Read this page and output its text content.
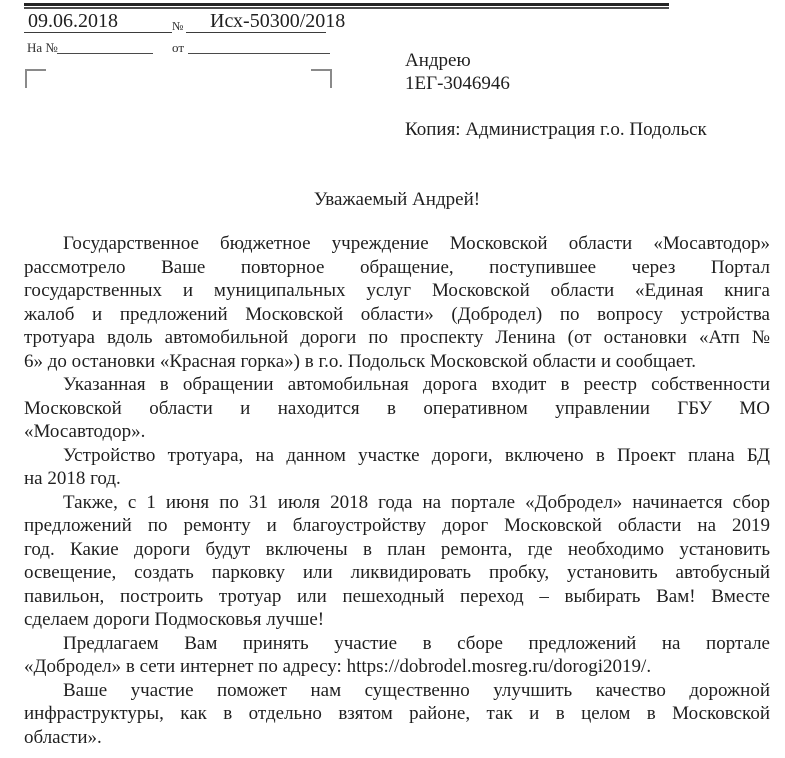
09.06.2018	№	Исх-50300/2018
На №	от
Андрею
1ЕГ-3046946
Копия: Администрация г.о. Подольск
Уважаемый Андрей!
Государственное бюджетное учреждение Московской области «Мосавтодор»
рассмотрело Ваше повторное обращение, поступившее через Портал
государственных и муниципальных услуг Московской области «Единая книга
жалоб и предложений Московской области» (Добродел) по вопросу устройства
тротуара вдоль автомобильной дороги по проспекту Ленина (от остановки «Атп №
6» до остановки «Красная горка») в г.о. Подольск Московской области и сообщает.
Указанная в обращении автомобильная дорога входит в реестр собственности
Московской области и находится в оперативном управлении ГБУ МО
«Мосавтодор».
Устройство тротуара, на данном участке дороги, включено в Проект плана БД
на 2018 год.
Также, с 1 июня по 31 июля 2018 года на портале «Добродел» начинается сбор
предложений по ремонту и благоустройству дорог Московской области на 2019
год. Какие дороги будут включены в план ремонта, где необходимо установить
освещение, создать парковку или ликвидировать пробку, установить автобусный
павильон, построить тротуар или пешеходный переход – выбирать Вам! Вместе
сделаем дороги Подмосковья лучше!
Предлагаем Вам принять участие в сборе предложений на портале
«Добродел» в сети интернет по адресу: https://dobrodel.mosreg.ru/dorogi2019/.
Ваше участие поможет нам существенно улучшить качество дорожной
инфраструктуры, как в отдельно взятом районе, так и в целом в Московской
области».
